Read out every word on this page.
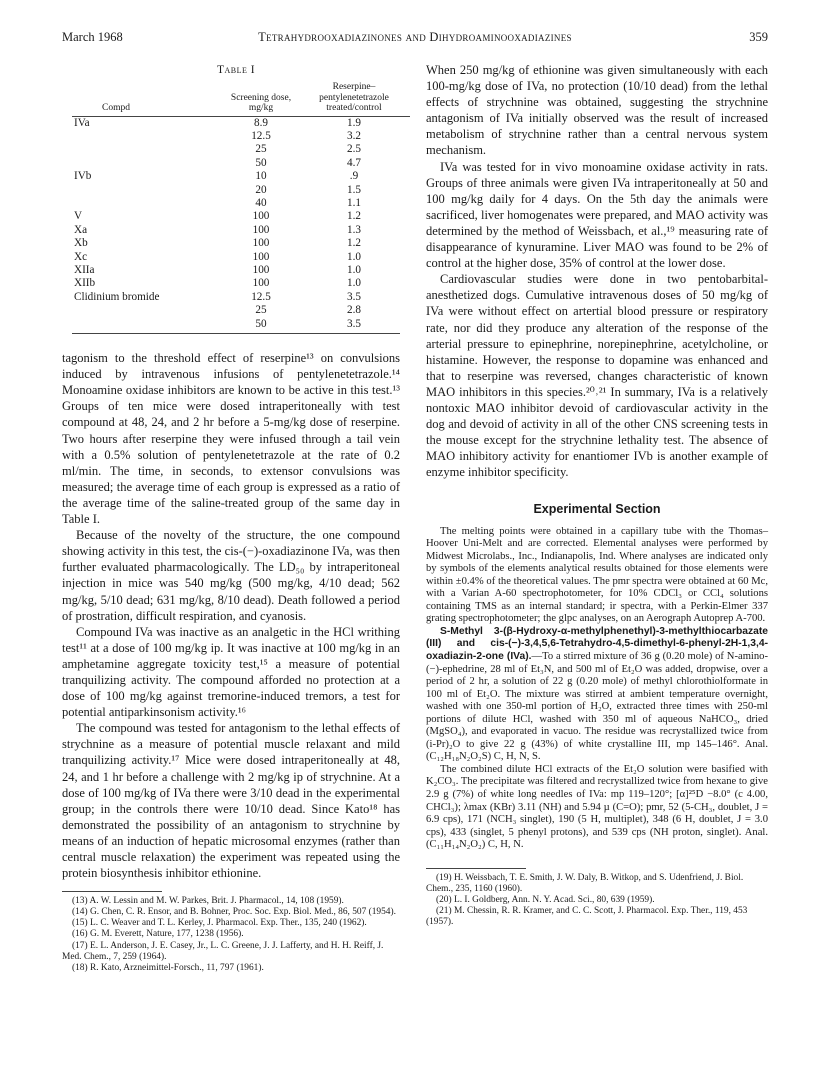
March 1968	Tetrahydrooxadiazinones and Dihydroaminooxadiazines	359
Table I
Compd	Screening dose, mg/kg	Reserpine–pentylenetetrazole treated/control
IVa	8.9	1.9
	12.5	3.2
	25	2.5
	50	4.7
IVb	10	.9
	20	1.5
	40	1.1
V	100	1.2
Xa	100	1.3
Xb	100	1.2
Xc	100	1.0
XIIa	100	1.0
XIIb	100	1.0
Clidinium bromide	12.5	3.5
	25	2.8
	50	3.5

tagonism to the threshold effect of reserpine¹³ on convulsions induced by intravenous infusions of pentylenetetrazole.¹⁴ Monoamine oxidase inhibitors are known to be active in this test.¹³ Groups of ten mice were dosed intraperitoneally with test compound at 48, 24, and 2 hr before a 5-mg/kg dose of reserpine. Two hours after reserpine they were infused through a tail vein with a 0.5% solution of pentylenetetrazole at the rate of 0.2 ml/min. The time, in seconds, to extensor convulsions was measured; the average time of each group is expressed as a ratio of the average time of the saline-treated group of the same day in Table I.

Because of the novelty of the structure, the one compound showing activity in this test, the cis-(−)-oxadiazinone IVa, was then further evaluated pharmacologically. The LD₅₀ by intraperitoneal injection in mice was 540 mg/kg (500 mg/kg, 4/10 dead; 562 mg/kg, 5/10 dead; 631 mg/kg, 8/10 dead). Death followed a period of prostration, difficult respiration, and cyanosis.

Compound IVa was inactive as an analgetic in the HCl writhing test¹¹ at a dose of 100 mg/kg ip. It was inactive at 100 mg/kg in an amphetamine aggregate toxicity test,¹⁵ a measure of potential tranquilizing activity. The compound afforded no protection at a dose of 100 mg/kg against tremorine-induced tremors, a test for potential antiparkinsonism activity.¹⁶

The compound was tested for antagonism to the lethal effects of strychnine as a measure of potential muscle relaxant and mild tranquilizing activity.¹⁷ Mice were dosed intraperitoneally at 48, 24, and 1 hr before a challenge with 2 mg/kg ip of strychnine. At a dose of 100 mg/kg of IVa there were 3/10 dead in the experimental group; in the controls there were 10/10 dead. Since Kato¹⁸ has demonstrated the possibility of an antagonism to strychnine by means of an induction of hepatic microsomal enzymes (rather than central muscle relaxation) the experiment was repeated using the protein biosynthesis inhibitor ethionine.

(13) A. W. Lessin and M. W. Parkes, Brit. J. Pharmacol., 14, 108 (1959).

(14) G. Chen, C. R. Ensor, and B. Bohner, Proc. Soc. Exp. Biol. Med., 86, 507 (1954).

(15) L. C. Weaver and T. L. Kerley, J. Pharmacol. Exp. Ther., 135, 240 (1962).

(16) G. M. Everett, Nature, 177, 1238 (1956).

(17) E. L. Anderson, J. E. Casey, Jr., L. C. Greene, J. J. Lafferty, and H. H. Reiff, J. Med. Chem., 7, 259 (1964).

(18) R. Kato, Arzneimittel-Forsch., 11, 797 (1961).

When 250 mg/kg of ethionine was given simultaneously with each 100-mg/kg dose of IVa, no protection (10/10 dead) from the lethal effects of strychnine was obtained, suggesting the strychnine antagonism of IVa initially observed was the result of increased metabolism of strychnine rather than a central nervous system mechanism.

IVa was tested for in vivo monoamine oxidase activity in rats. Groups of three animals were given IVa intraperitoneally at 50 and 100 mg/kg daily for 4 days. On the 5th day the animals were sacrificed, liver homogenates were prepared, and MAO activity was determined by the method of Weissbach, et al.,¹⁹ measuring rate of disappearance of kynuramine. Liver MAO was found to be 2% of control at the higher dose, 35% of control at the lower dose.

Cardiovascular studies were done in two pentobarbital-anesthetized dogs. Cumulative intravenous doses of 50 mg/kg of IVa were without effect on artertial blood pressure or respiratory rate, nor did they produce any alteration of the response of the arterial pressure to epinephrine, norepinephrine, acetylcholine, or histamine. However, the response to dopamine was enhanced and that to reserpine was reversed, changes characteristic of known MAO inhibitors in this species.²⁰˒²¹ In summary, IVa is a relatively nontoxic MAO inhibitor devoid of cardiovascular activity in the dog and devoid of activity in all of the other CNS screening tests in the mouse except for the strychnine lethality test. The absence of MAO inhibitory activity for enantiomer IVb is another example of enzyme inhibitor specificity.

Experimental Section

The melting points were obtained in a capillary tube with the Thomas–Hoover Uni-Melt and are corrected. Elemental analyses were performed by Midwest Microlabs., Inc., Indianapolis, Ind. Where analyses are indicated only by symbols of the elements analytical results obtained for those elements were within ±0.4% of the theoretical values. The pmr spectra were obtained at 60 Mc, with a Varian A-60 spectrophotometer, for 10% CDCl₃ or CCl₄ solutions containing TMS as an internal standard; ir spectra, with a Perkin-Elmer 337 grating spectrophotometer; the glpc analyses, on an Aerograph Autoprep A-700.

S-Methyl 3-(β-Hydroxy-α-methylphenethyl)-3-methylthiocarbazate (III) and cis-(−)-3,4,5,6-Tetrahydro-4,5-dimethyl-6-phenyl-2H-1,3,4-oxadiazin-2-one (IVa).—To a stirred mixture of 36 g (0.20 mole) of N-amino-(−)-ephedrine, 28 ml of Et₃N, and 500 ml of Et₂O was added, dropwise, over a period of 2 hr, a solution of 22 g (0.20 mole) of methyl chlorothiolformate in 100 ml of Et₂O. The mixture was stirred at ambient temperature overnight, washed with one 350-ml portion of H₂O, extracted three times with 250-ml portions of dilute HCl, washed with 350 ml of aqueous NaHCO₃, dried (MgSO₄), and evaporated in vacuo. The residue was recrystallized twice from (i-Pr)₂O to give 22 g (43%) of white crystalline III, mp 145–146°. Anal. (C₁₂H₁₈N₂O₂S) C, H, N, S.

The combined dilute HCl extracts of the Et₂O solution were basified with K₂CO₃. The precipitate was filtered and recrystallized twice from hexane to give 2.9 g (7%) of white long needles of IVa: mp 119–120°; [α]²⁵D −8.0° (c 4.00, CHCl₃); λmax (KBr) 3.11 (NH) and 5.94 µ (C=O); pmr, 52 (5-CH₃, doublet, J = 6.9 cps), 171 (NCH₃ singlet), 190 (5 H, multiplet), 348 (6 H, doublet, J = 3.0 cps), 433 (singlet, 5 phenyl protons), and 539 cps (NH proton, singlet). Anal. (C₁₁H₁₄N₂O₂) C, H, N.

(19) H. Weissbach, T. E. Smith, J. W. Daly, B. Witkop, and S. Udenfriend, J. Biol. Chem., 235, 1160 (1960).

(20) L. I. Goldberg, Ann. N. Y. Acad. Sci., 80, 639 (1959).

(21) M. Chessin, R. R. Kramer, and C. C. Scott, J. Pharmacol. Exp. Ther., 119, 453 (1957).
